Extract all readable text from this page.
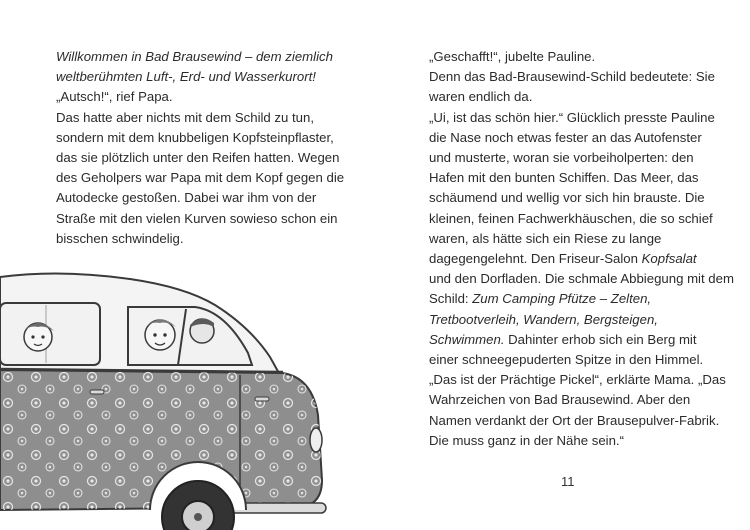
Willkommen in Bad Brausewind – dem ziemlich
weltberühmten Luft-, Erd- und Wasserkurort!
„Autsch!“, rief Papa.
Das hatte aber nichts mit dem Schild zu tun,
sondern mit dem knubbeligen Kopfsteinpflaster,
das sie plötzlich unter den Reifen hatten. Wegen
des Geholpers war Papa mit dem Kopf gegen die
Autodecke gestoßen. Dabei war ihm von der
Straße mit den vielen Kurven sowieso schon ein
bisschen schwindelig.
„Geschafft!“, jubelte Pauline.
Denn das Bad-Brausewind-Schild bedeutete: Sie
waren endlich da.
„Ui, ist das schön hier.“ Glücklich presste Pauline
die Nase noch etwas fester an das Autofenster
und musterte, woran sie vorbeiholperten: den
Hafen mit den bunten Schiffen. Das Meer, das
schäumend und wellig vor sich hin brauste. Die
kleinen, feinen Fachwerkhäuschen, die so schief
waren, als hätte sich ein Riese zu lange
dagegengelehnt. Den Friseur-Salon Kopfsalat
und den Dorfladen. Die schmale Abbiegung mit dem
Schild: Zum Camping Pfütze – Zelten,
Tretbootverleih, Wandern, Bergsteigen,
Schwimmen. Dahinter erhob sich ein Berg mit
einer schneegepuderten Spitze in den Himmel.
„Das ist der Prächtige Pickel“, erklärte Mama. „Das
Wahrzeichen von Bad Brausewind. Aber den
Namen verdankt der Ort der Brausepulver-Fabrik.
Die muss ganz in der Nähe sein.“
11
